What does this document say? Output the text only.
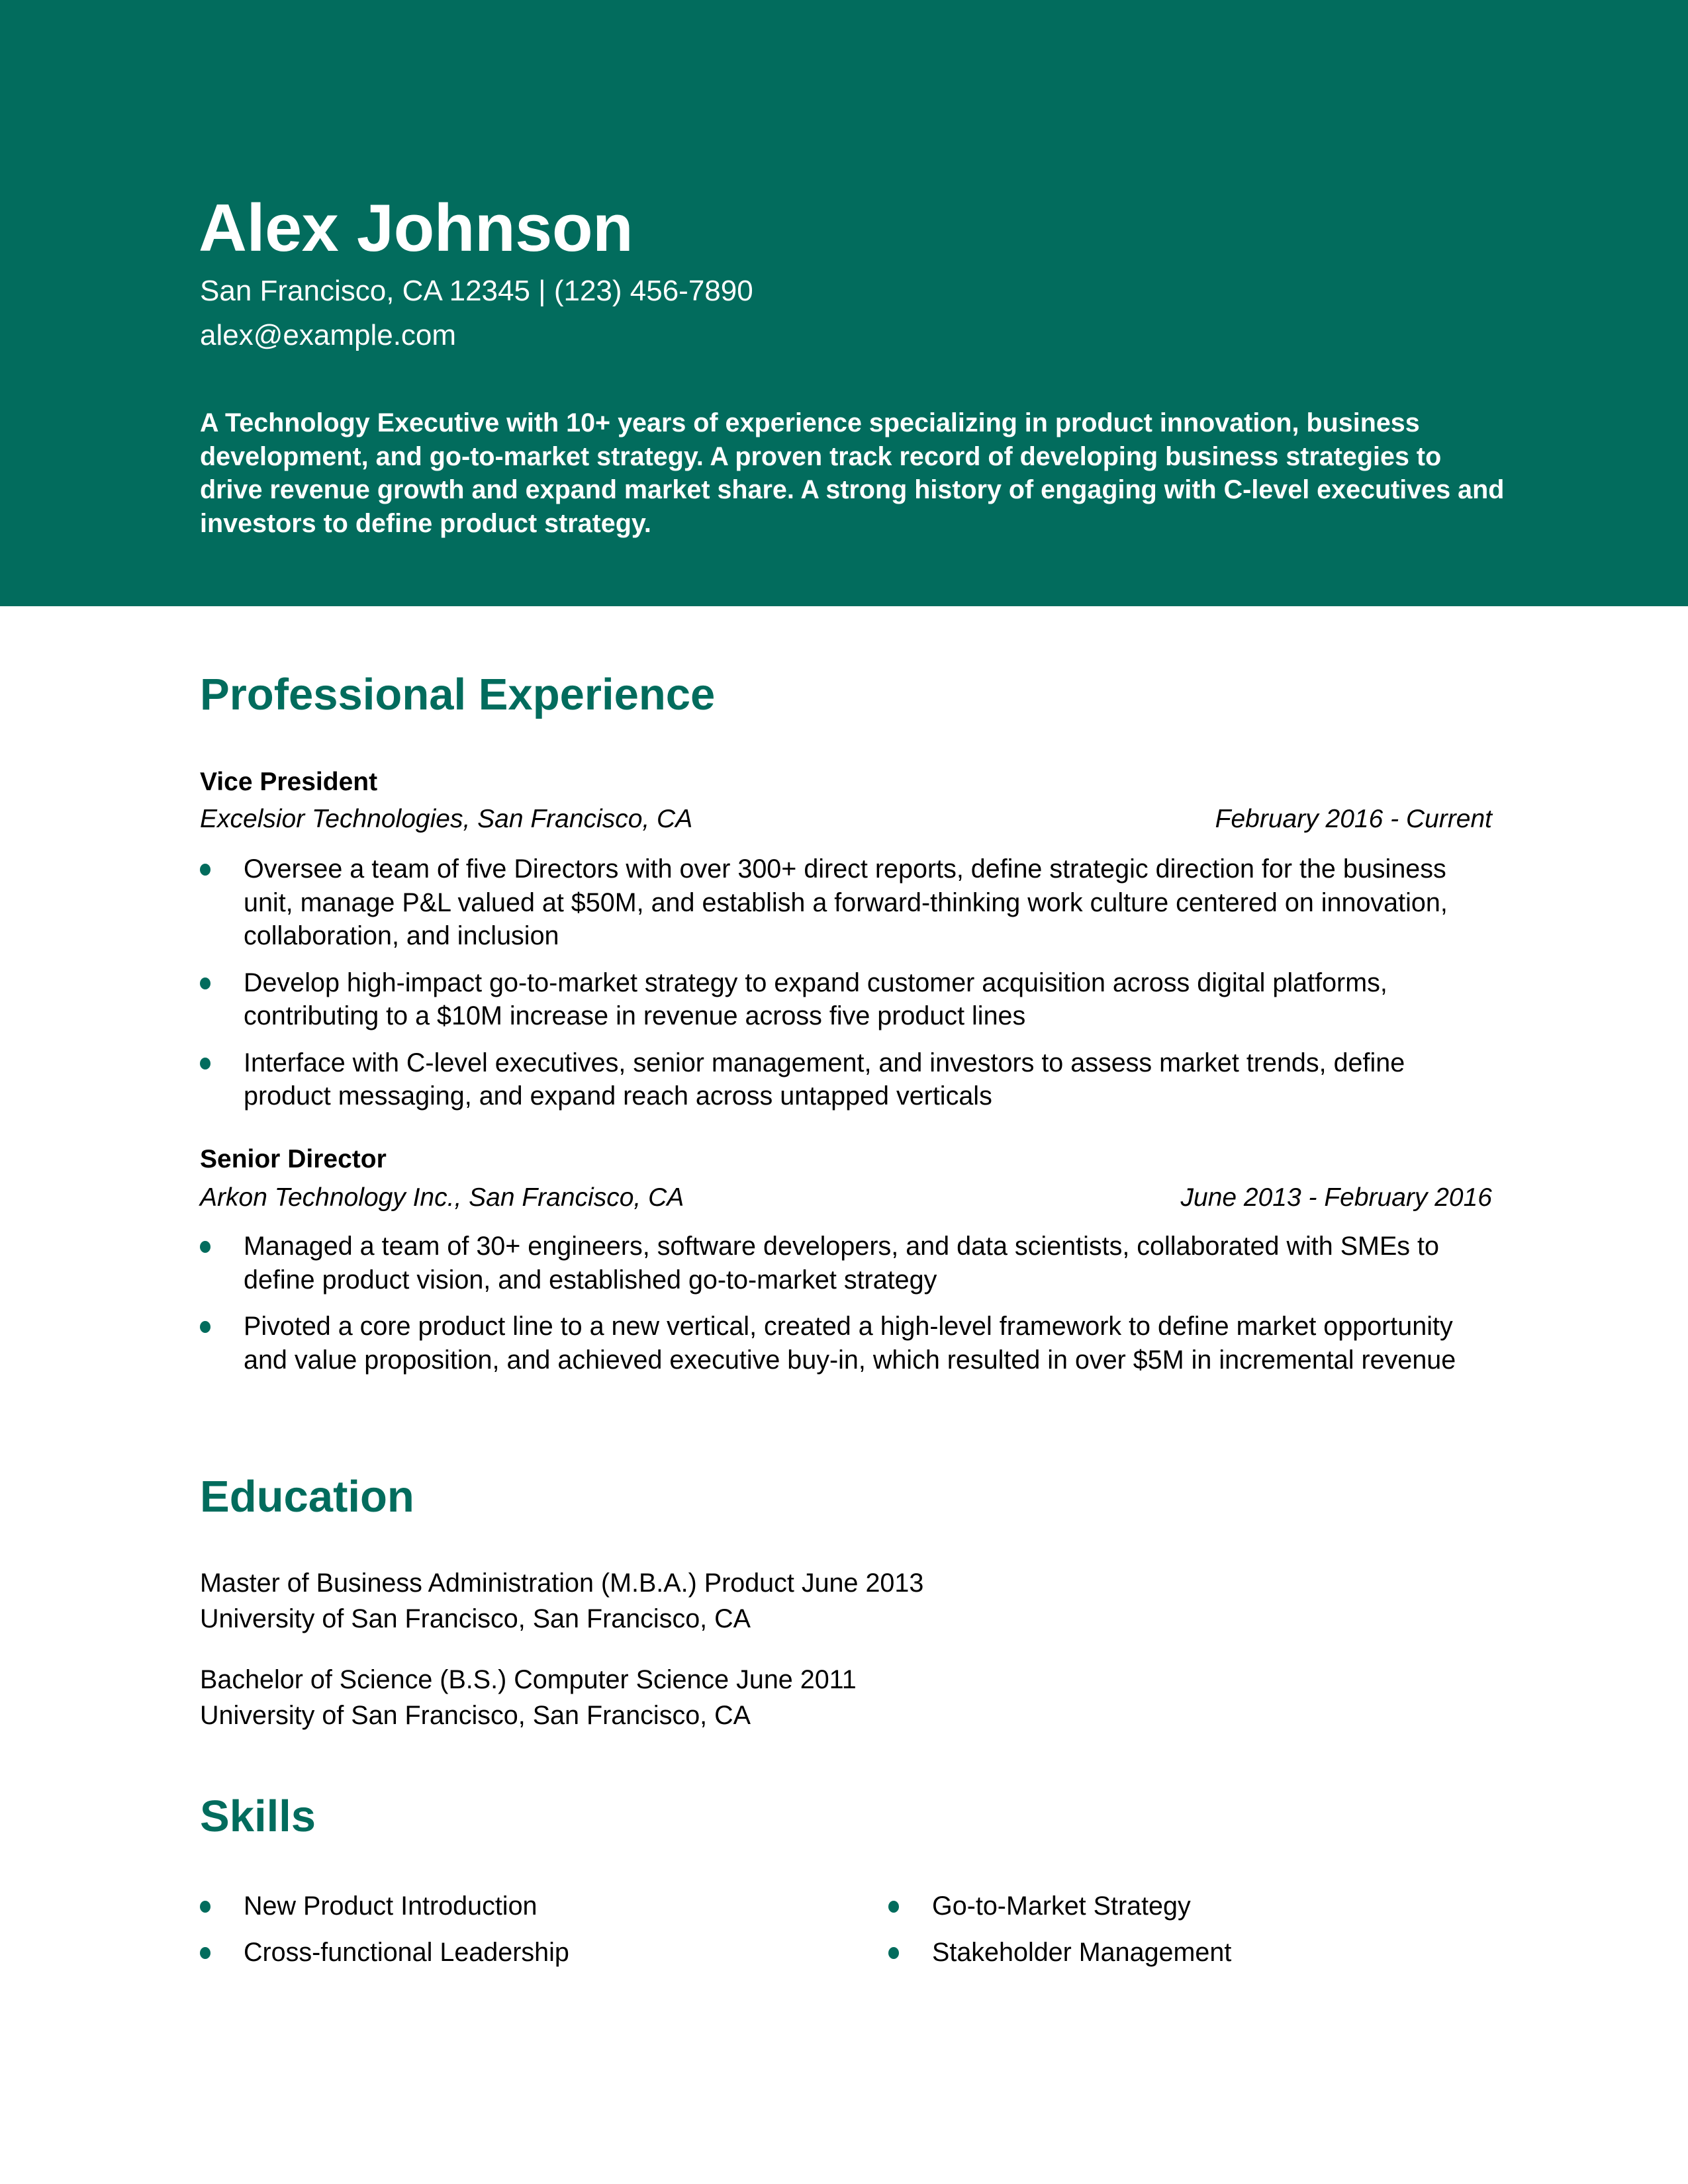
Alex Johnson
San Francisco, CA 12345 | (123) 456-7890
alex@example.com
A Technology Executive with 10+ years of experience specializing in product innovation, business development, and go-to-market strategy. A proven track record of developing business strategies to drive revenue growth and expand market share. A strong history of engaging with C-level executives and investors to define product strategy.
Professional Experience
Vice President
Excelsior Technologies, San Francisco, CA	February 2016 - Current
Oversee a team of five Directors with over 300+ direct reports, define strategic direction for the business unit, manage P&L valued at $50M, and establish a forward-thinking work culture centered on innovation, collaboration, and inclusion
Develop high-impact go-to-market strategy to expand customer acquisition across digital platforms, contributing to a $10M increase in revenue across five product lines
Interface with C-level executives, senior management, and investors to assess market trends, define product messaging, and expand reach across untapped verticals
Senior Director
Arkon Technology Inc., San Francisco, CA	June 2013 - February 2016
Managed a team of 30+ engineers, software developers, and data scientists, collaborated with SMEs to define product vision, and established go-to-market strategy
Pivoted a core product line to a new vertical, created a high-level framework to define market opportunity and value proposition, and achieved executive buy-in, which resulted in over $5M in incremental revenue
Education
Master of Business Administration (M.B.A.) Product June 2013
University of San Francisco, San Francisco, CA
Bachelor of Science (B.S.) Computer Science June 2011
University of San Francisco, San Francisco, CA
Skills
New Product Introduction	Go-to-Market Strategy
Cross-functional Leadership	Stakeholder Management
